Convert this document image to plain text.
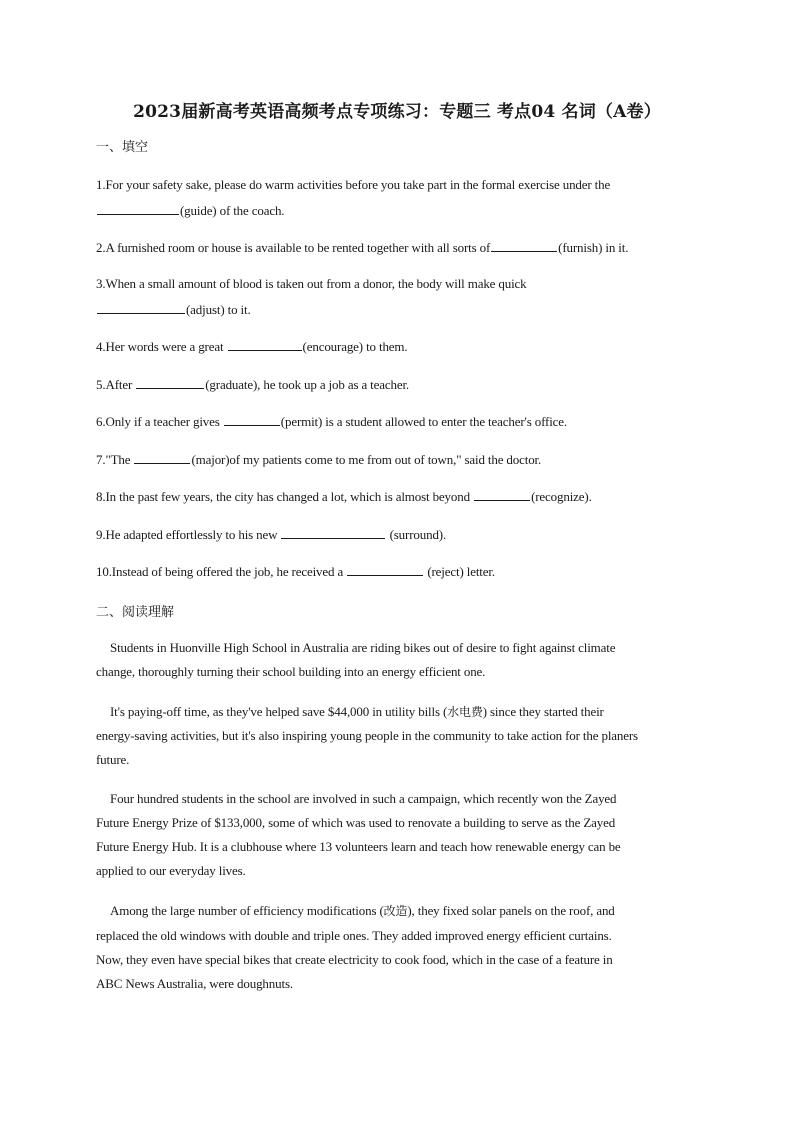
2023届新高考英语高频考点专项练习：专题三 考点04 名词（A卷）
一、填空
1.For your safety sake, please do warm activities before you take part in the formal exercise under the
(guide) of the coach.
2.A furnished room or house is available to be rented together with all sorts of	(furnish) in it.
3.When a small amount of blood is taken out from a donor, the body will make quick
(adjust) to it.
4.Her words were a great	(encourage) to them.
5.After	(graduate), he took up a job as a teacher.
6.Only if a teacher gives	(permit) is a student allowed to enter the teacher's office.
7."The	(major)of my patients come to me from out of town," said the doctor.
8.In the past few years, the city has changed a lot, which is almost beyond	(recognize).
9.He adapted effortlessly to his new	(surround).
10.Instead of being offered the job, he received a	(reject) letter.
二、阅读理解
Students in Huonville High School in Australia are riding bikes out of desire to fight against climate
change, thoroughly turning their school building into an energy efficient one.
It's paying-off time, as they've helped save $44,000 in utility bills (水电费) since they started their
energy-saving activities, but it's also inspiring young people in the community to take action for the planers
future.
Four hundred students in the school are involved in such a campaign, which recently won the Zayed
Future Energy Prize of $133,000, some of which was used to renovate a building to serve as the Zayed
Future Energy Hub. It is a clubhouse where 13 volunteers learn and teach how renewable energy can be
applied to our everyday lives.
Among the large number of efficiency modifications (改造), they fixed solar panels on the roof, and
replaced the old windows with double and triple ones. They added improved energy efficient curtains.
Now, they even have special bikes that create electricity to cook food, which in the case of a feature in
ABC News Australia, were doughnuts.
